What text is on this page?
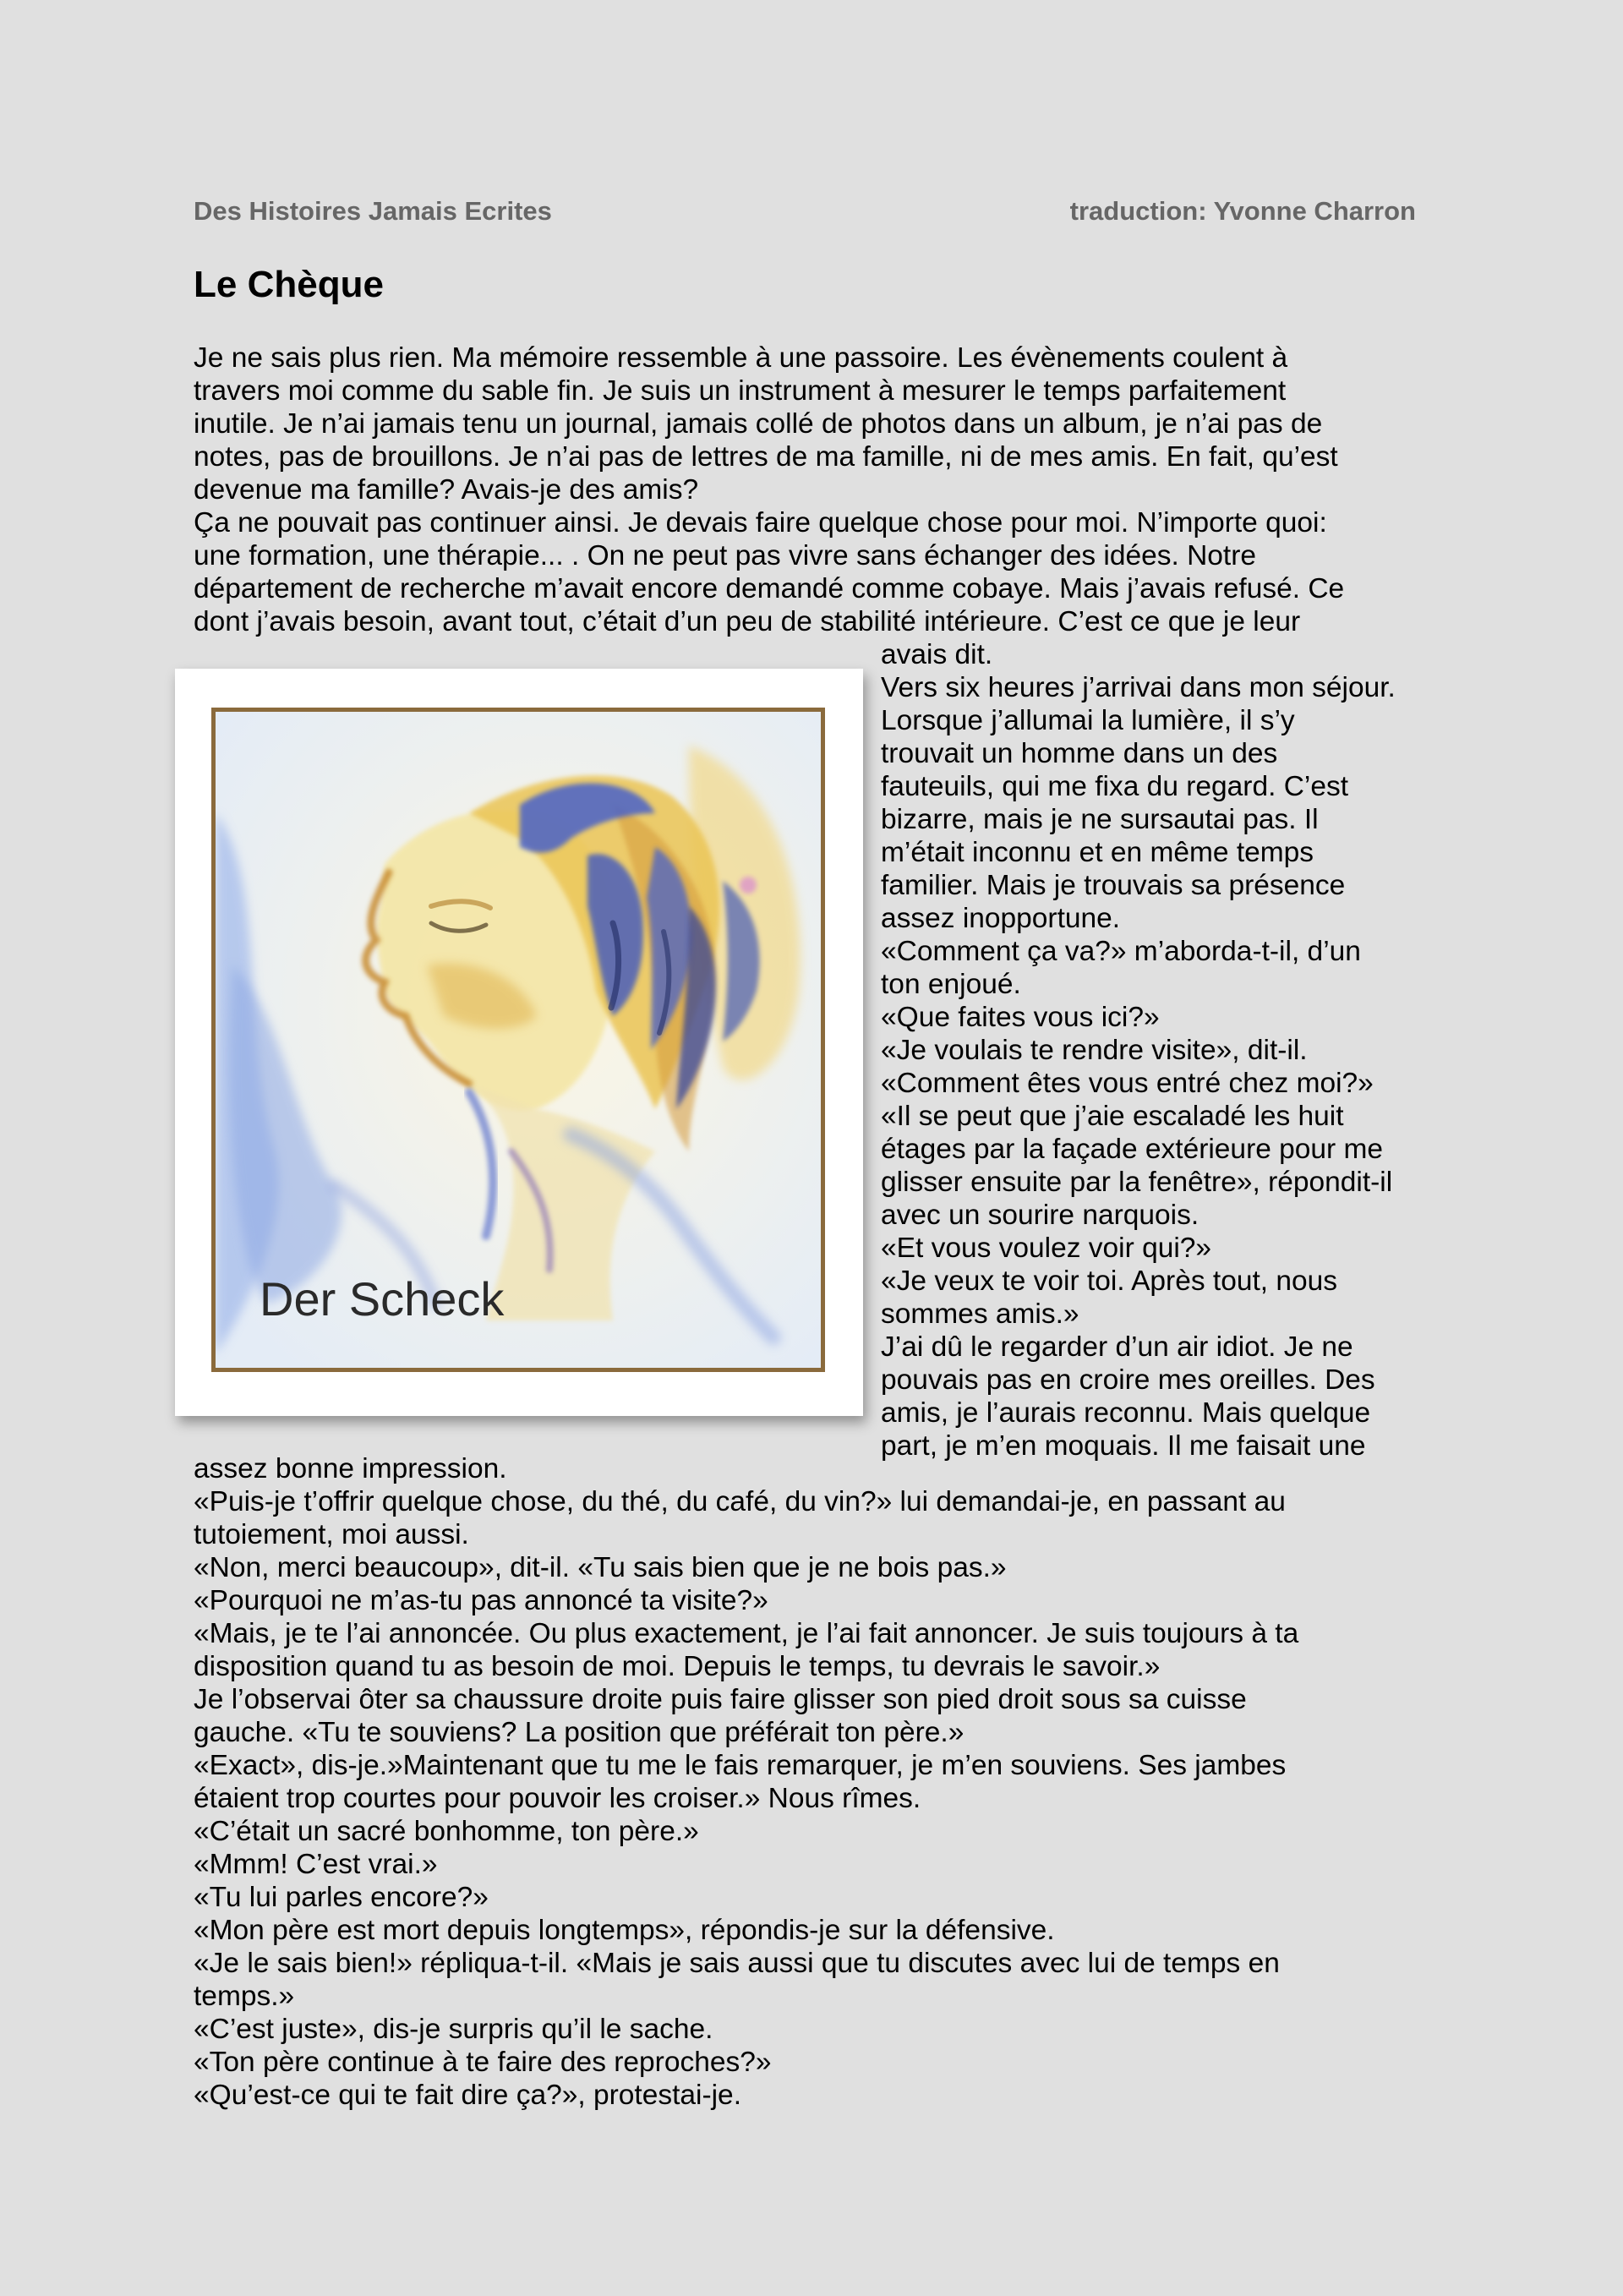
Des Histoires Jamais Ecrites	traduction: Yvonne Charron
Le Chèque
Je ne sais plus rien. Ma mémoire ressemble à une passoire. Les évènements coulent à
travers moi comme du sable fin. Je suis un instrument à mesurer le temps parfaitement
inutile. Je n’ai jamais tenu un journal, jamais collé de photos dans un album, je n’ai pas de
notes, pas de brouillons. Je n’ai pas de lettres de ma famille, ni de mes amis. En fait, qu’est
devenue ma famille? Avais-je des amis?
Ça ne pouvait pas continuer ainsi. Je devais faire quelque chose pour moi. N’importe quoi:
une formation, une thérapie... . On ne peut pas vivre sans échanger des idées. Notre
département de recherche m’avait encore demandé comme cobaye. Mais j’avais refusé. Ce
dont j’avais besoin, avant tout, c’était d’un peu de stabilité intérieure. C’est ce que je leur
avais dit.
Vers six heures j’arrivai dans mon séjour.
Lorsque j’allumai la lumière, il s’y
trouvait un homme dans un des
fauteuils, qui me fixa du regard. C’est
bizarre, mais je ne sursautai pas. Il
m’était inconnu et en même temps
familier. Mais je trouvais sa présence
assez inopportune.
«Comment ça va?» m’aborda-t-il, d’un
ton enjoué.
«Que faites vous ici?»
«Je voulais te rendre visite», dit-il.
«Comment êtes vous entré chez moi?»
«Il se peut que j’aie escaladé les huit
étages par la façade extérieure pour me
glisser ensuite par la fenêtre», répondit-il
avec un sourire narquois.
«Et vous voulez voir qui?»
«Je veux te voir toi. Après tout, nous
sommes amis.»
J’ai dû le regarder d’un air idiot. Je ne
pouvais pas en croire mes oreilles. Des
amis, je l’aurais reconnu. Mais quelque
part, je m’en moquais. Il me faisait une
assez bonne impression.
«Puis-je t’offrir quelque chose, du thé, du café, du vin?» lui demandai-je, en passant au
tutoiement, moi aussi.
«Non, merci beaucoup», dit-il. «Tu sais bien que je ne bois pas.»
«Pourquoi ne m’as-tu pas annoncé ta visite?»
«Mais, je te l’ai annoncée. Ou plus exactement, je l’ai fait annoncer. Je suis toujours à ta
disposition quand tu as besoin de moi. Depuis le temps, tu devrais le savoir.»
Je l’observai ôter sa chaussure droite puis faire glisser son pied droit sous sa cuisse
gauche. «Tu te souviens? La position que préférait ton père.»
«Exact», dis-je.»Maintenant que tu me le fais remarquer, je m’en souviens. Ses jambes
étaient trop courtes pour pouvoir les croiser.» Nous rîmes.
«C’était un sacré bonhomme, ton père.»
«Mmm! C’est vrai.»
«Tu lui parles encore?»
«Mon père est mort depuis longtemps», répondis-je sur la défensive.
«Je le sais bien!» répliqua-t-il. «Mais je sais aussi que tu discutes avec lui de temps en
temps.»
«C’est juste», dis-je surpris qu’il le sache.
«Ton père continue à te faire des reproches?»
«Qu’est-ce qui te fait dire ça?», protestai-je.
Der Scheck
